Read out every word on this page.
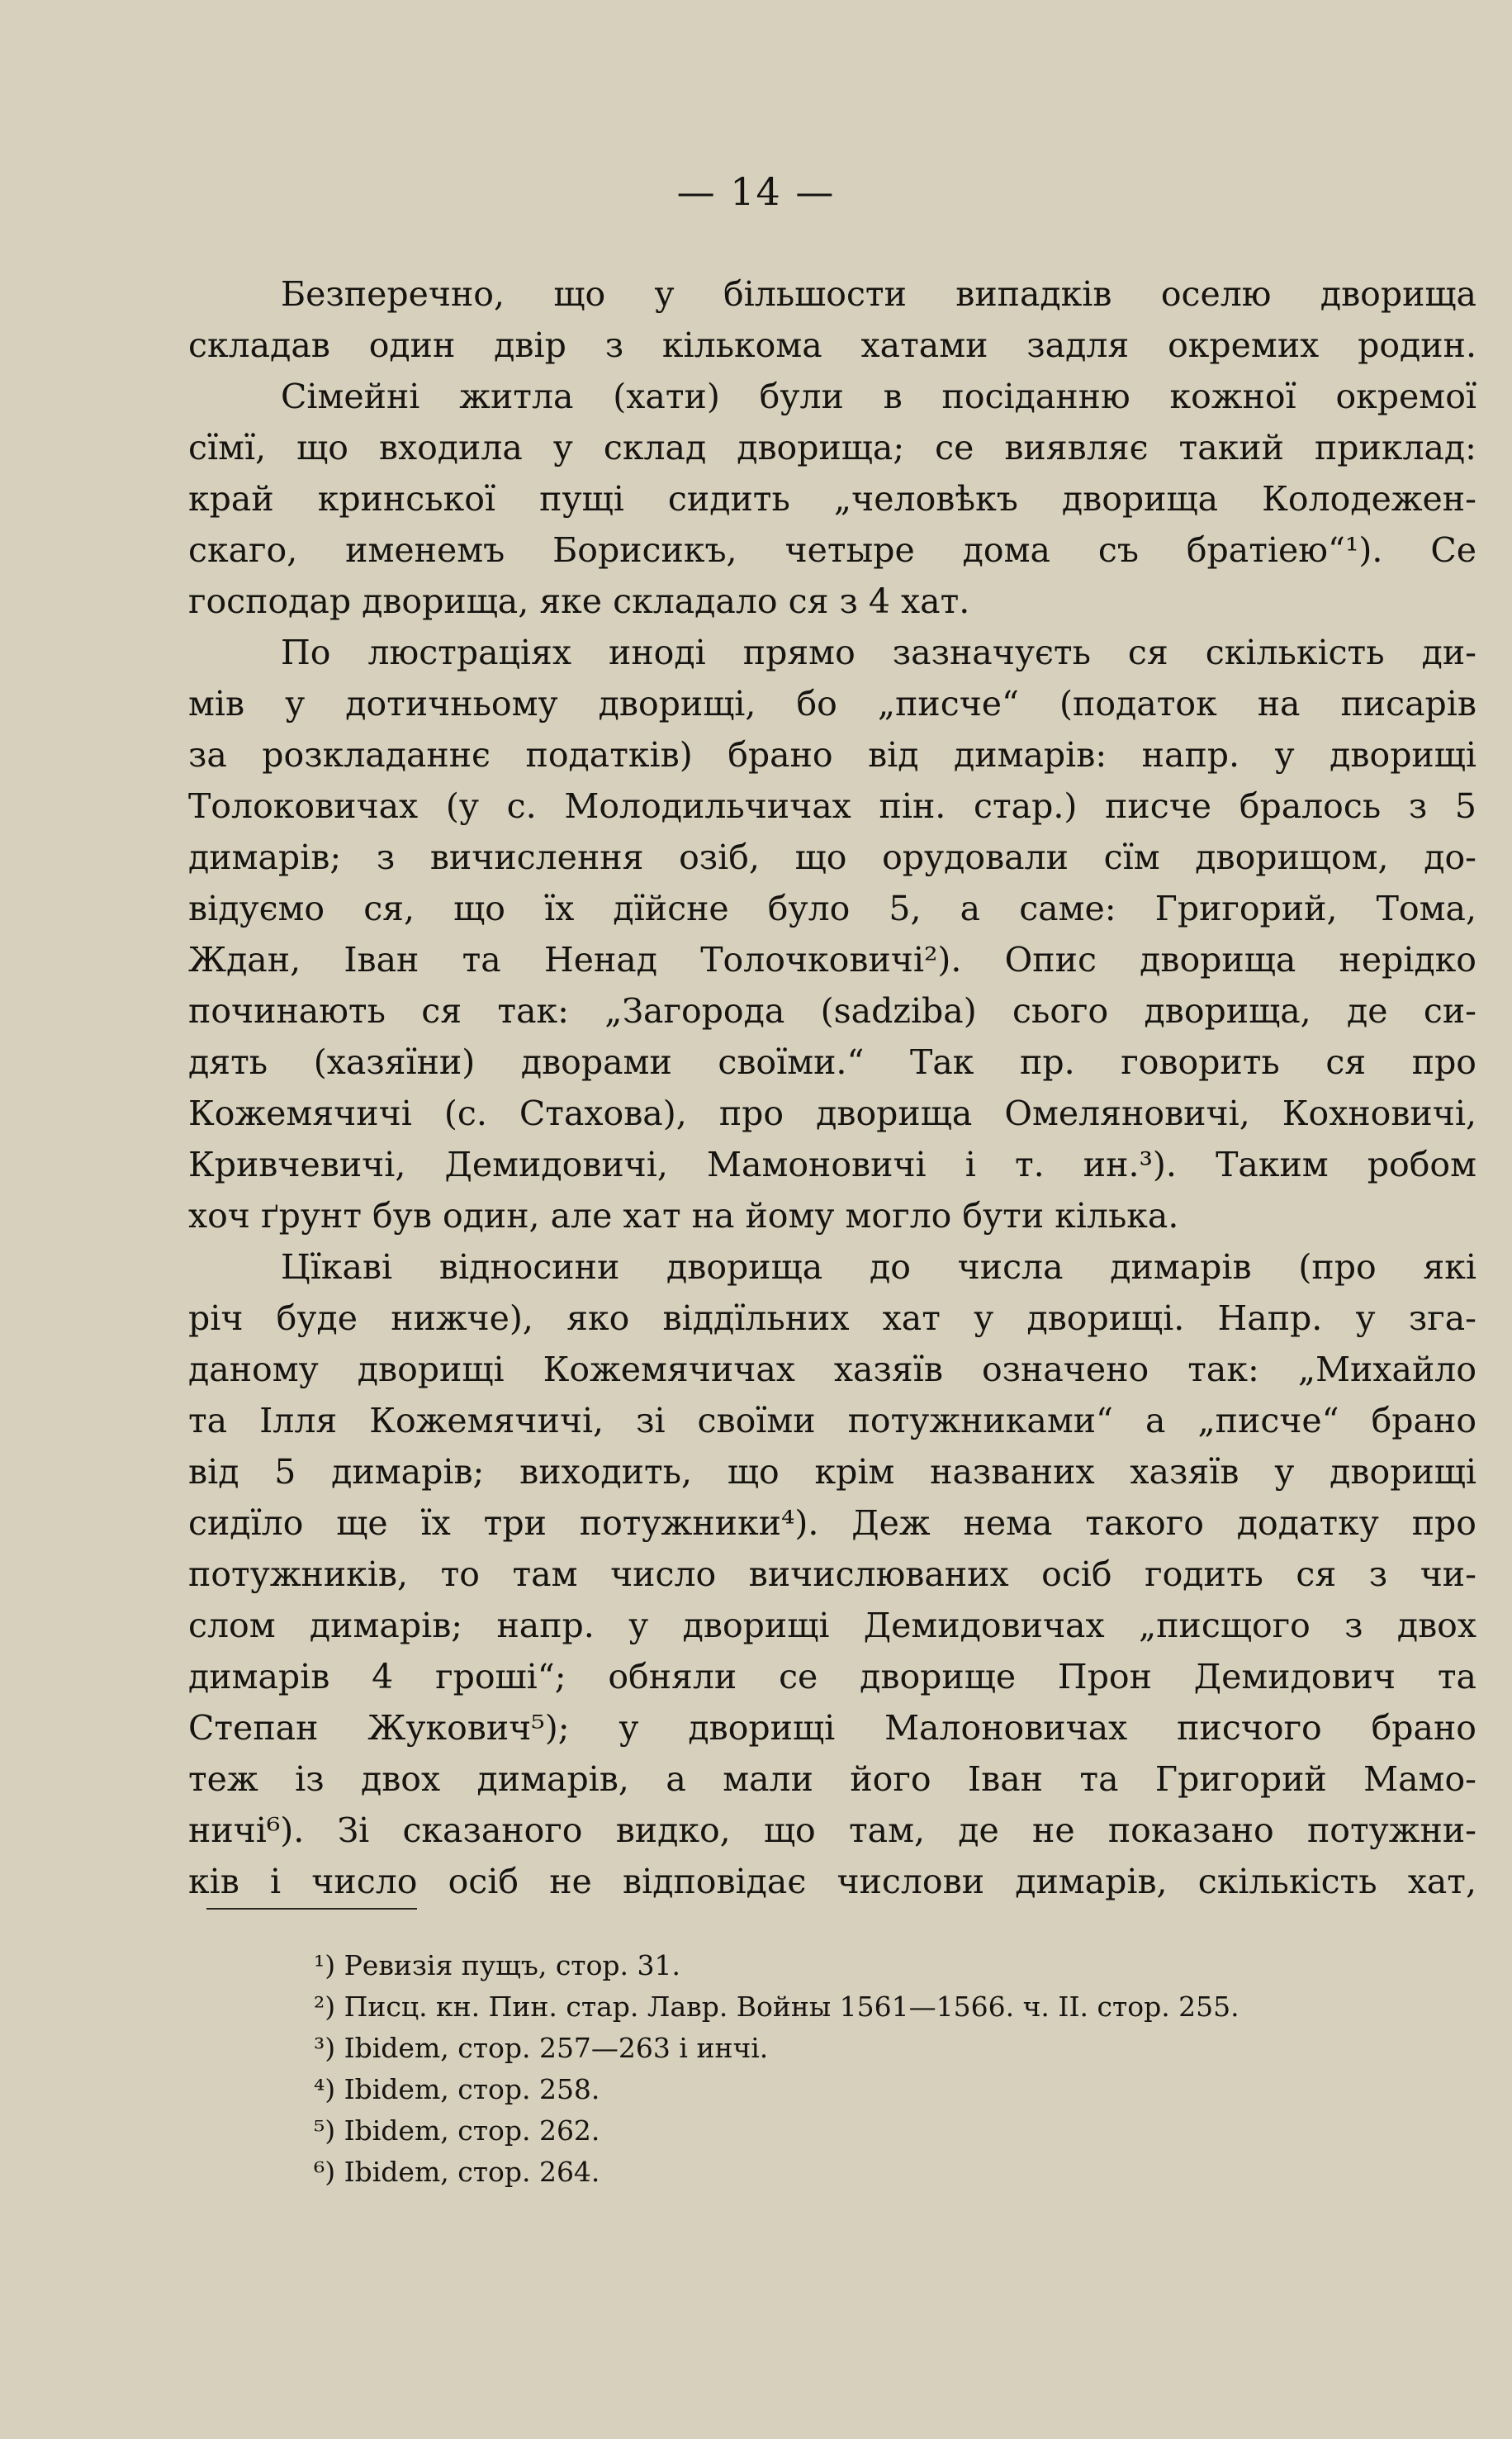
— 14 —
Безперечно, що у більшости випадків оселю дворища
складав один двір з кількома хатами задля окремих родин.
Сімейні житла (хати) були в посіданню кожної окремої
сїмї, що входила у склад дворища; се виявляє такий приклад:
край кринської пущі сидить „человѣкъ дворища Колодежен-
скаго, именемъ Борисикъ, четыре дома съ братіею“¹). Се
господар дворища, яке складало ся з 4 хат.
По люстраціях иноді прямо зазначуєть ся скількість ди-
мів у дотичньому дворищі, бо „писче“ (податок на писарів
за розкладаннє податків) брано від димарів: напр. у дворищі
Толоковичах (у с. Молодильчичах пін. стар.) писче бралось з 5
димарів; з вичислення озіб, що орудовали сїм дворищом, до-
відуємо ся, що їх дїйсне було 5, а саме: Григорий, Тома,
Ждан, Іван та Ненад Толочковичі²). Опис дворища нерідко
починають ся так: „Загорода (sadziba) сього дворища, де си-
дять (хазяїни) дворами своїми.“ Так пр. говорить ся про
Кожемячичі (с. Стахова), про дворища Омеляновичі, Кохновичі,
Кривчевичі, Демидовичі, Мамоновичі і т. ин.³). Таким робом
хоч ґрунт був один, але хат на йому могло бути кілька.
Цїкаві відносини дворища до числа димарів (про які
річ буде нижче), яко віддїльних хат у дворищі. Напр. у зга-
даному дворищі Кожемячичах хазяїв означено так: „Михайло
та Ілля Кожемячичі, зі своїми потужниками“ а „писче“ брано
від 5 димарів; виходить, що крім названих хазяїв у дворищі
сидїло ще їх три потужники⁴). Деж нема такого додатку про
потужників, то там число вичислюваних осіб годить ся з чи-
слом димарів; напр. у дворищі Демидовичах „писщого з двох
димарів 4 гроші“; обняли се дворище Прон Демидович та
Степан Жукович⁵); у дворищі Малоновичах писчого брано
теж із двох димарів, а мали його Іван та Григорий Мамо-
ничі⁶). Зі сказаного видко, що там, де не показано потужни-
ків і число осіб не відповідає числови димарів, скількість хат,
¹) Ревизія пущъ, стор. 31.
²) Писц. кн. Пин. стар. Лавр. Войны 1561—1566. ч. II. стор. 255.
³) Ibidem, стор. 257—263 і инчі.
⁴) Ibidem, стор. 258.
⁵) Ibidem, стор. 262.
⁶) Ibidem, стор. 264.
